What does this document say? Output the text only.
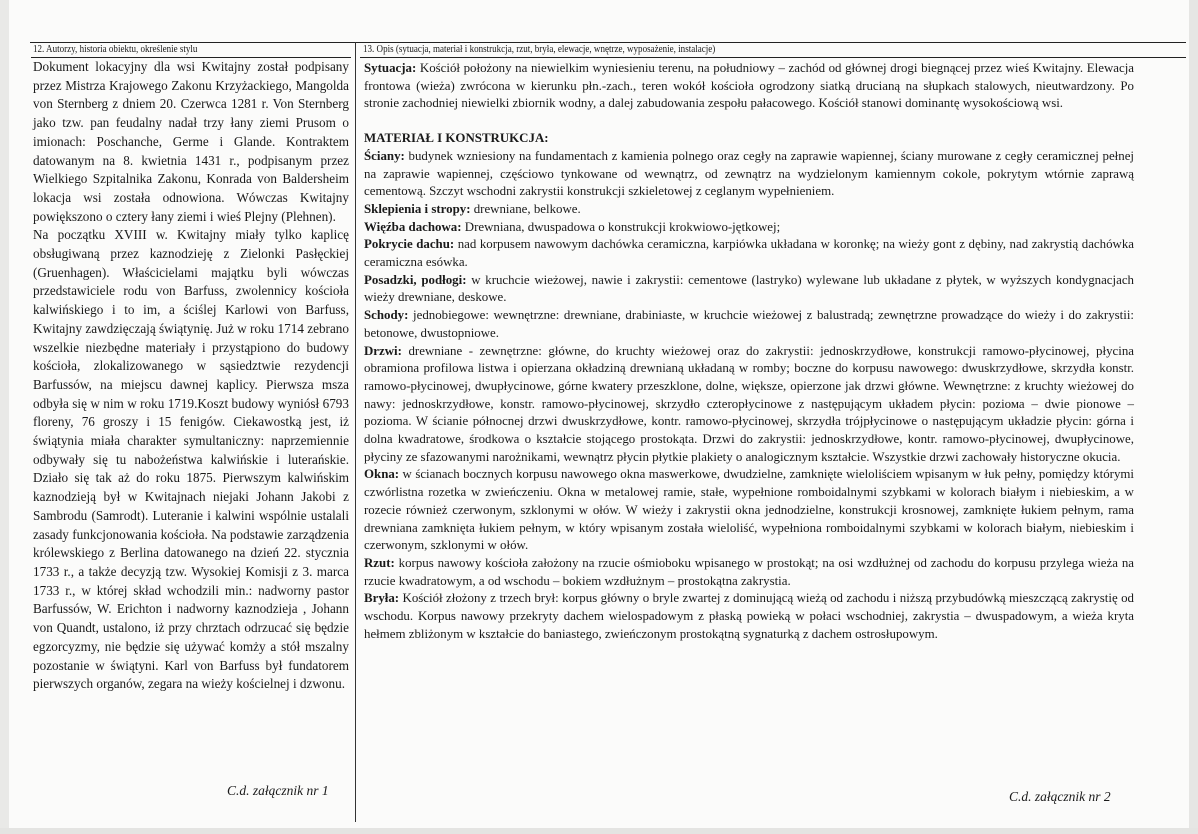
12. Autorzy, historia obiektu, określenie stylu	13. Opis (sytuacja, materiał i konstrukcja, rzut, bryła, elewacje, wnętrze, wyposażenie, instalacje)

Dokument lokacyjny dla wsi Kwitajny został podpisany przez Mistrza Krajowego Zakonu Krzyżackiego, Mangolda von Sternberg z dniem 20. Czerwca 1281 r. Von Sternberg jako tzw. pan feudalny nadał trzy łany ziemi Prusom o imionach: Poschanche, Germe i Glande. Kontraktem datowanym na 8. kwietnia 1431 r., podpisanym przez Wielkiego Szpitalnika Zakonu, Konrada von Baldersheim lokacja wsi została odnowiona. Wówczas Kwitajny powiększono o cztery łany ziemi i wieś Plejny (Plehnen).

Na początku XVIII w. Kwitajny miały tylko kaplicę obsługiwaną przez kaznodzieję z Zielonki Pasłęckiej (Gruenhagen). Właścicielami majątku byli wówczas przedstawiciele rodu von Barfuss, zwolennicy kościoła kalwińskiego i to im, a ściślej Karlowi von Barfuss, Kwitajny zawdzięczają świątynię. Już w roku 1714 zebrano wszelkie niezbędne materiały i przystąpiono do budowy kościoła, zlokalizowanego w sąsiedztwie rezydencji Barfussów, na miejscu dawnej kaplicy. Pierwsza msza odbyła się w nim w roku 1719.Koszt budowy wyniósł 6793 floreny, 76 groszy i 15 fenigów. Ciekawostką jest, iż świątynia miała charakter symultaniczny: naprzemiennie odbywały się tu nabożeństwa kalwińskie i luterańskie. Działo się tak aż do roku 1875. Pierwszym kalwińskim kaznodzieją był w Kwitajnach niejaki Johann Jakobi z Sambrodu (Samrodt). Luteranie i kalwini wspólnie ustalali zasady funkcjonowania kościoła. Na podstawie zarządzenia królewskiego z Berlina datowanego na dzień 22. stycznia 1733 r., a także decyzją tzw. Wysokiej Komisji z 3. marca 1733 r., w której skład wchodzili min.: nadworny pastor Barfussów, W. Erichton i nadworny kaznodzieja , Johann von Quandt, ustalono, iż przy chrztach odrzucać się będzie egzorcyzmy, nie będzie się używać komży a stół mszalny pozostanie w świątyni. Karl von Barfuss był fundatorem pierwszych organów, zegara na wieży kościelnej i dzwonu.

Sytuacja: Kościół położony na niewielkim wyniesieniu terenu, na południowy – zachód od głównej drogi biegnącej przez wieś Kwitajny. Elewacja frontowa (wieża) zwrócona w kierunku płn.-zach., teren wokół kościoła ogrodzony siatką drucianą na słupkach stalowych, nieutwardzony. Po stronie zachodniej niewielki zbiornik wodny, a dalej zabudowania zespołu pałacowego. Kościół stanowi dominantę wysokościową wsi.

MATERIAŁ I KONSTRUKCJA:

Ściany: budynek wzniesiony na fundamentach z kamienia polnego oraz cegły na zaprawie wapiennej, ściany murowane z cegły ceramicznej pełnej na zaprawie wapiennej, częściowo tynkowane od wewnątrz, od zewnątrz na wydzielonym kamiennym cokole, pokrytym wtórnie zaprawą cementową. Szczyt wschodni zakrystii konstrukcji szkieletowej z ceglanym wypełnieniem.

Sklepienia i stropy: drewniane, belkowe.

Więźba dachowa: Drewniana, dwuspadowa o konstrukcji krokwiowo-jętkowej;

Pokrycie dachu: nad korpusem nawowym dachówka ceramiczna, karpiówka układana w koronkę; na wieży gont z dębiny, nad zakrystią dachówka ceramiczna esówka.

Posadzki, podłogi: w kruchcie wieżowej, nawie i zakrystii: cementowe (lastryko) wylewane lub układane z płytek, w wyższych kondygnacjach wieży drewniane, deskowe.

Schody: jednobiegowe: wewnętrzne: drewniane, drabiniaste, w kruchcie wieżowej z balustradą; zewnętrzne prowadzące do wieży i do zakrystii: betonowe, dwustopniowe.

Drzwi: drewniane - zewnętrzne: główne, do kruchty wieżowej oraz do zakrystii: jednoskrzydłowe, konstrukcji ramowo-płycinowej, płycina obramiona profilowa listwa i opierzana okładziną drewnianą układaną w romby; boczne do korpusu nawowego: dwuskrzydłowe, skrzydła konstr. ramowo-płycinowej, dwupłycinowe, górne kwatery przeszklone, dolne, większe, opierzone jak drzwi główne. Wewnętrzne: z kruchty wieżowej do nawy: jednoskrzydłowe, konstr. ramowo-płycinowej, skrzydło czteropłycinowe z następującym układem płycin: poziома – dwie pionowe – pozioma. W ścianie północnej drzwi dwuskrzydłowe, kontr. ramowo-płycinowej, skrzydła trójpłycinowe o następującym układzie płycin: górna i dolna kwadratowe, środkowa o kształcie stojącego prostokąta. Drzwi do zakrystii: jednoskrzydłowe, kontr. ramowo-płycinowej, dwupłycinowe, płyciny ze sfazowanymi narożnikami, wewnątrz płycin płytkie plakiety o analogicznym kształcie. Wszystkie drzwi zachowały historyczne okucia.

Okna: w ścianach bocznych korpusu nawowego okna maswerkowe, dwudzielne, zamknięte wieloliściem wpisanym w łuk pełny, pomiędzy którymi czwórlistna rozetka w zwieńczeniu. Okna w metalowej ramie, stałe, wypełnione romboidalnymi szybkami w kolorach białym i niebieskim, a w rozecie również czerwonym, szklonymi w ołów. W wieży i zakrystii okna jednodzielne, konstrukcji krosnowej, zamknięte łukiem pełnym, rama drewniana zamknięta łukiem pełnym, w który wpisanym została wieloliść, wypełniona romboidalnymi szybkami w kolorach białym, niebieskim i czerwonym, szklonymi w ołów.

Rzut: korpus nawowy kościoła założony na rzucie ośmioboku wpisanego w prostokąt; na osi wzdłużnej od zachodu do korpusu przylega wieża na rzucie kwadratowym, a od wschodu – bokiem wzdłużnym – prostokątna zakrystia.

Bryła: Kościół złożony z trzech brył: korpus główny o bryle zwartej z dominującą wieżą od zachodu i niższą przybudówką mieszczącą zakrystię od wschodu. Korpus nawowy przekryty dachem wielospadowym z płaską powieką w połaci wschodniej, zakrystia – dwuspadowym, a wieża kryta hełmem zbliżonym w kształcie do baniastego, zwieńczonym prostokątną sygnaturką z dachem ostrosłupowym.

C.d. załącznik nr 1	C.d. załącznik nr 2
